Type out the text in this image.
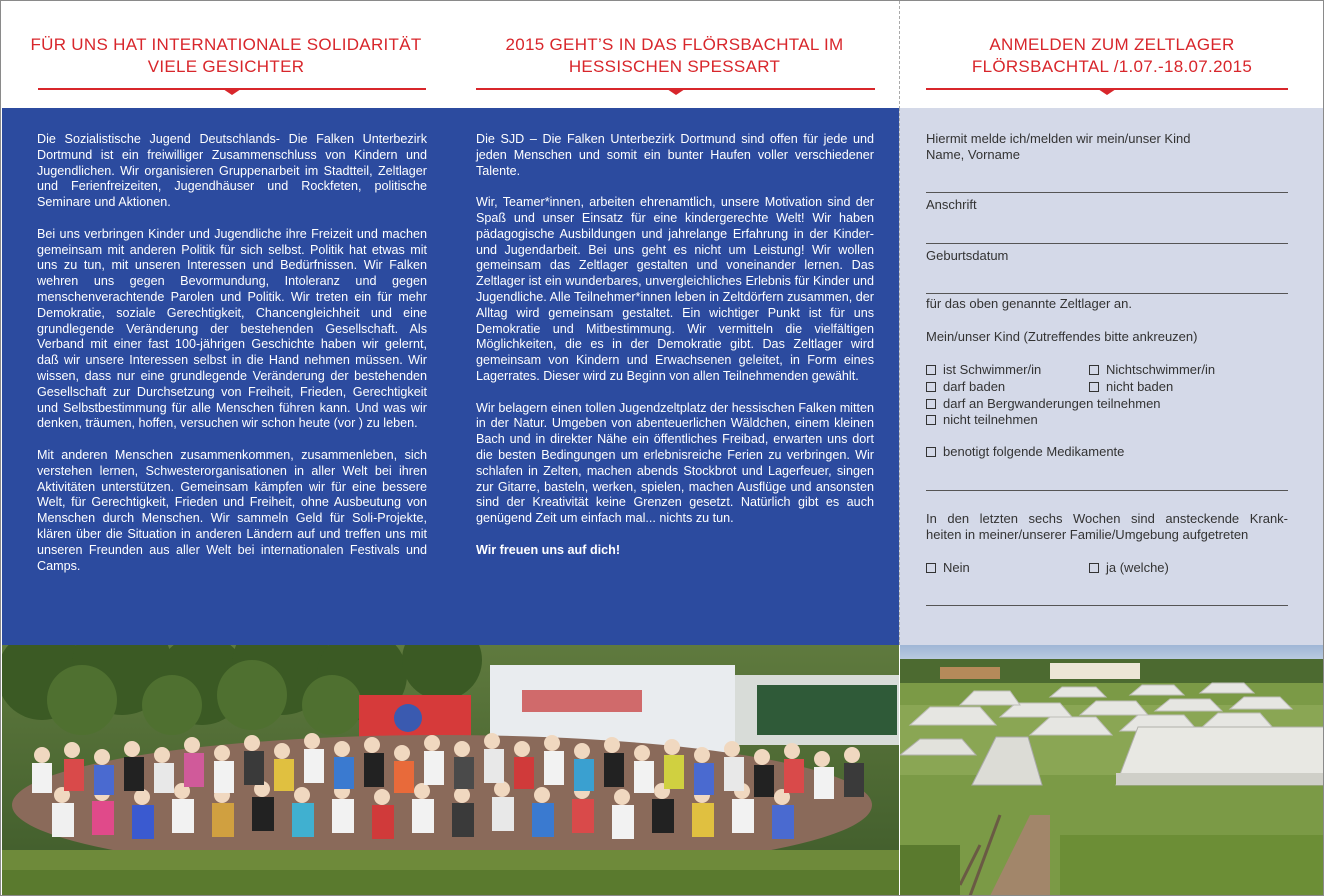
FÜR UNS HAT INTERNATIONALE SOLIDARITÄT
VIELE GESICHTER
2015 GEHT’S IN DAS FLÖRSBACHTAL IM
HESSISCHEN SPESSART
ANMELDEN ZUM ZELTLAGER
FLÖRSBACHTAL /1.07.-18.07.2015

Die Sozialistische Jugend Deutschlands- Die Falken Unterbezirk Dortmund ist ein freiwilliger Zusammenschluss von Kindern und Jugendlichen. Wir organisieren Gruppenarbeit im Stadtteil, Zeltlager und Ferienfreizeiten, Jugendhäuser und Rockfeten, politische Seminare und Aktionen.

Bei uns verbringen Kinder und Jugendliche ihre Freizeit und machen gemeinsam mit anderen Politik für sich selbst. Politik hat etwas mit uns zu tun, mit unseren Interessen und Bedürfnissen. Wir Falken wehren uns gegen Bevormundung, Intoleranz und gegen menschenverachtende Parolen und Politik. Wir treten ein für mehr Demokratie, soziale Gerechtigkeit, Chancengleichheit und eine grundlegende Veränderung der bestehenden Gesellschaft. Als Verband mit einer fast 100-jährigen Geschichte haben wir gelernt, daß wir unsere Interessen selbst in die Hand nehmen müssen. Wir wissen, dass nur eine grundlegende Veränderung der bestehenden Gesellschaft zur Durchsetzung von Freiheit, Frieden, Gerechtigkeit und Selbstbestimmung für alle Menschen führen kann. Und was wir denken, träumen, hoffen, versuchen wir schon heute (vor ) zu leben.

Mit anderen Menschen zusammenkommen, zusammenleben, sich verstehen lernen, Schwesterorganisationen in aller Welt bei ihren Aktivitäten unterstützen. Gemeinsam kämpfen wir für eine bessere Welt, für Gerechtigkeit, Frieden und Freiheit, ohne Ausbeutung von Menschen durch Menschen. Wir sammeln Geld für Soli-Projekte, klären über die Situation in anderen Ländern auf und treffen uns mit unseren Freunden aus aller Welt bei internationalen Festivals und Camps.

Die SJD – Die Falken Unterbezirk Dortmund sind offen für jede und jeden Menschen und somit ein bunter Haufen voller verschiedener Talente.

Wir, Teamer*innen, arbeiten ehrenamtlich, unsere Motivation sind der Spaß und unser Einsatz für eine kindergerechte Welt! Wir haben pädagogische Ausbildungen und jahrelange Erfahrung in der Kinder- und Jugendarbeit. Bei uns geht es nicht um Leistung! Wir wollen gemeinsam das Zeltlager gestalten und voneinander lernen. Das Zeltlager ist ein wunderbares, unvergleichliches Erlebnis für Kinder und Jugendliche. Alle Teilnehmer*innen leben in Zeltdörfern zusammen, der Alltag wird gemeinsam gestaltet. Ein wichtiger Punkt ist für uns Demokratie und Mitbestimmung. Wir vermitteln die vielfältigen Möglichkeiten, die es in der Demokratie gibt. Das Zeltlager wird gemeinsam von Kindern und Erwachsenen geleitet, in Form eines Lagerrates. Dieser wird zu Beginn von allen Teilnehmenden gewählt.

Wir belagern einen tollen Jugendzeltplatz der hessischen Falken mitten in der Natur. Umgeben von abenteuerlichen Wäldchen, einem kleinen Bach und in direkter Nähe ein öffentliches Freibad, erwarten uns dort die besten Bedingungen um erlebnisreiche Ferien zu verbringen. Wir schlafen in Zelten, machen abends Stockbrot und Lagerfeuer, singen zur Gitarre, basteln, werken, spielen, machen Ausflüge und ansonsten sind der Kreativität keine Grenzen gesetzt. Natürlich gibt es auch genügend Zeit um einfach mal... nichts zu tun.

Wir freuen uns auf dich!

Hiermit melde ich/melden wir mein/unser Kind
Name, Vorname
Anschrift
Geburtsdatum
für das oben genannte Zeltlager an.
Mein/unser Kind (Zutreffendes bitte ankreuzen)
ist Schwimmer/in	Nichtschwimmer/in
darf baden	nicht baden
darf an Bergwanderungen teilnehmen
nicht teilnehmen
benotigt folgende Medikamente
In den letzten sechs Wochen sind ansteckende Krank-
heiten in meiner/unserer Familie/Umgebung aufgetreten
Nein	ja (welche)
